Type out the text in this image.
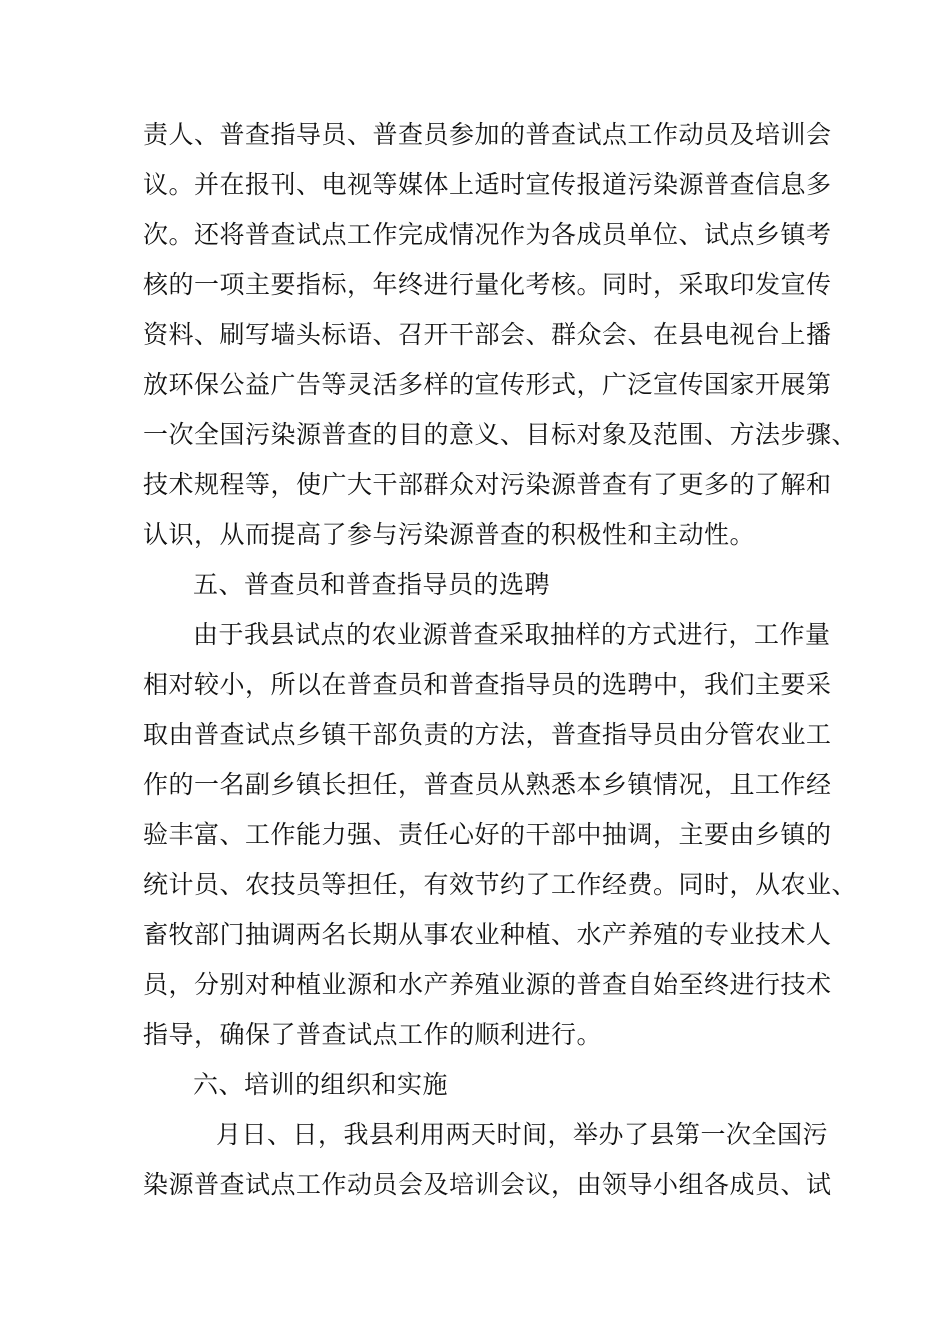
责人、普查指导员、普查员参加的普查试点工作动员及培训会
议。并在报刊、电视等媒体上适时宣传报道污染源普查信息多
次。还将普查试点工作完成情况作为各成员单位、试点乡镇考
核的一项主要指标，年终进行量化考核。同时，采取印发宣传
资料、刷写墙头标语、召开干部会、群众会、在县电视台上播
放环保公益广告等灵活多样的宣传形式，广泛宣传国家开展第
一次全国污染源普查的目的意义、目标对象及范围、方法步骤、
技术规程等，使广大干部群众对污染源普查有了更多的了解和
认识，从而提高了参与污染源普查的积极性和主动性。
五、普查员和普查指导员的选聘
由于我县试点的农业源普查采取抽样的方式进行，工作量
相对较小，所以在普查员和普查指导员的选聘中，我们主要采
取由普查试点乡镇干部负责的方法，普查指导员由分管农业工
作的一名副乡镇长担任，普查员从熟悉本乡镇情况，且工作经
验丰富、工作能力强、责任心好的干部中抽调，主要由乡镇的
统计员、农技员等担任，有效节约了工作经费。同时，从农业、
畜牧部门抽调两名长期从事农业种植、水产养殖的专业技术人
员，分别对种植业源和水产养殖业源的普查自始至终进行技术
指导，确保了普查试点工作的顺利进行。
六、培训的组织和实施
月日、日，我县利用两天时间，举办了县第一次全国污
染源普查试点工作动员会及培训会议，由领导小组各成员、试
